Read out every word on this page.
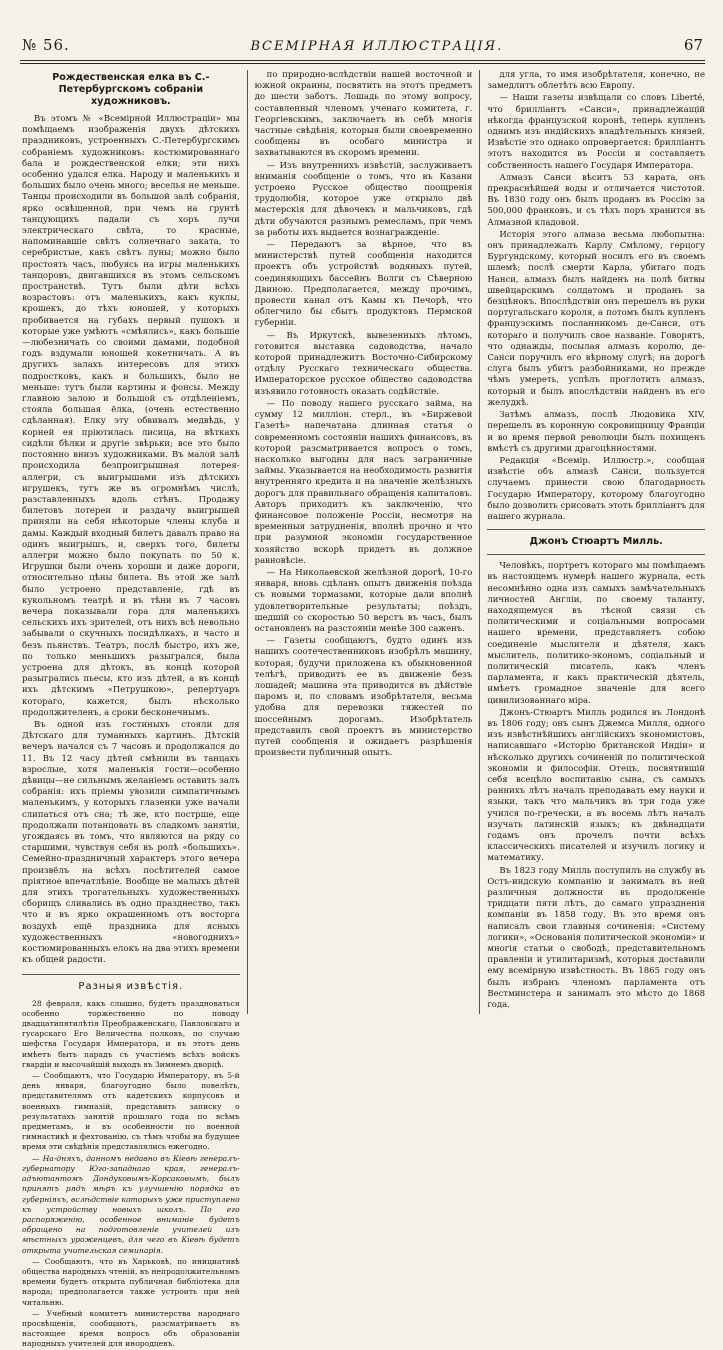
№ 56.	ВСЕМІРНАЯ ИЛЛЮСТРАЦІЯ.	67
Рождественская елка въ С.-Петербургскомъ собраніи художниковъ.

Въ этомъ № «Всемірной Иллюстраціи» мы помѣщаемъ изображенія двухъ дѣтскихъ праздниковъ, устроенныхъ С.-Петербургскимъ собраніемъ художниковъ: костюмированнаго бала и рождественской елки; эти нихъ особенно удался елка. Народу и маленькихъ и больших было очень много; веселья не меньше. Танцы происходили въ большой залѣ собранія, ярко освѣщенной, при чемъ на грунтѣ танцующихъ падали съ хоръ лучи электрическаго свѣта, то красные, напоминавшіе свѣтъ солнечнаго заката, то серебристые, какъ свѣтъ луны; можно было простоять часъ, любуясь на игры маленькихъ танцоровъ, двигавшихся въ этомъ сельскомъ пространствѣ. Тутъ были дѣти всѣхъ возрастовъ: отъ маленькихъ, какъ куклы, крошекъ, до тѣхъ юношей, у которыхъ пробивается на губахъ первый пушокъ и которые уже умѣютъ «смѣялись», какъ большіе—любезничать со своими дамами, подобной годъ вздумали юношей кокетничать. А въ другихъ залахъ интересовъ для этихъ подростковъ, какъ и большихъ, было не меньше: тутъ были картины и фонсы. Между главною залою и большой съ отдѣленіемъ, стояла большая ёлка, (очень естественно сдѣланная). Елку эту обвивалъ медвѣдь, у корней ея пріютилась лисица, на вѣткахъ сидѣли бѣлки и другіе звѣрьки; все это было постоянно внизъ художниками. Въ малой залѣ происходила безпроигрышная лотерея-аллегри, съ выигрышами изъ дѣтскихъ игрушекъ, тутъ же въ огромнѣмъ числѣ, разставленныхъ вдоль стѣнъ. Продажу билетовъ лотереи и раздачу выигрышей приняли на себя нѣкоторые члены клуба и дамы. Каждый входный билетъ давалъ право на одинъ выигрышъ, и, сверхъ того, билеты аллегри можно было покупать по 50 к. Игрушки были очень хороши и даже дороги, относительно цѣны билета. Въ этой же залѣ было устроено представленіе, гдѣ въ кукольномъ театрѣ и въ тѣни въ 7 часовъ вечера показывали гора для маленькихъ сельскихъ ихъ зрителей, отъ нихъ всѣ невольно забывали о скучныхъ посидѣлкахъ, и часто и безъ пьянствъ. Театръ, послѣ быстро, ихъ же, по только меньшихъ разыгрался, была устроена для дѣтокъ, въ концѣ которой разыгрались пьесы, кто изъ дѣтей, а въ концѣ ихъ дѣтскимъ «Петрушкою», репертуаръ котораго, кажется, былъ нѣсколько продолжителенъ, а сроки бесконечнымъ.

Въ одной изъ гостиныхъ стояли для Дѣтскаго для туманныхъ картинъ. Дѣтскій вечеръ начался съ 7 часовъ и продолжался до 11. Въ 12 часу дѣтей смѣнили въ танцахъ взрослые, хотя маленькія гости—особенно дѣвицы—не сильнымъ желаніемъ оставить залъ собранія: ихъ пріемы увозили симпатичнымъ маленькимъ, у которыхъ глазенки уже начали слипаться отъ сна; тѣ же, кто пострше, еще продолжали потанцовать въ сладкомъ занятіи, угождаясь въ томъ, что являются на ряду со старшими, чувствуя себя въ ролѣ «большихъ». Семейно-праздничный характеръ этого вечера произвёлъ на всѣхъ посѣтителей самое пріятное впечатлѣніе. Вообще не малыхъ дѣтей для этихъ трогательныхъ художественныхъ сборищъ сливались въ одно празднество, такъ что и въ ярко окрашенномъ отъ восторга воздухѣ ещё праздника для ясныхъ художественныхъ «новогоднихъ» костюмированныхъ елокъ на два этихъ времени къ общей радости.

Разныя извѣстія.

28 февраля, какъ слышно, будетъ праздноваться особенно торжественно по поводу двадцатипятилѣтія Преображенскаго, Павловскаго и гусарскаго Его Величества полковъ, по случаю шефства Государя Императора, и въ этотъ день имѣетъ быть парадъ съ участіемъ всѣхъ войскъ гвардіи и высочайшій выходъ въ Зимнемъ дворцѣ.

— Сообщаютъ, что Государю Императору, въ 5-й день января, благоугодно было повелѣть, представителямъ отъ кадетскихъ корпусовъ и военныхъ гимназій, представить записку о результатахъ занятій прошлаго года по всѣмъ предметамъ, и въ особенности по военной гимнастикѣ и фехтованію, съ тѣмъ чтобы на будущее время эти свѣдѣнія представлялись ежегодно.

— На-дняхъ, данномъ недавно въ Кіевѣ генералъ-губернатору Юго-западнаго края, генералъ-адъютантомъ Дондуковымъ-Корсаковымъ, былъ принятъ рядъ мѣръ къ улучшенію порядка въ губерніяхъ, вслѣдствіе которыхъ уже приступлено къ устройству новыхъ школъ. По его распоряженію, особенное вниманіе будетъ обращено на подготовленіе учителей изъ мѣстныхъ уроженцевъ, для чего въ Кіевѣ будетъ открыта учительская семинарія.

— Сообщаютъ, что въ Харьковѣ, по инициативѣ общества народныхъ чтеній, въ непродолжительномъ времени будетъ открыта публичная библіотека для народа; предполагается также устроить при ней читальню.

— Учебный комитетъ министерства народнаго просвѣщенія, сообщаютъ, разсматриваетъ въ настоящее время вопросъ объ образованіи народныхъ учителей для инородцевъ.

по природно-вслѣдствіи нашей восточной и южной окраины, посвятить на этотъ предметъ до шести заботъ. Лошадь по этому вопросу, составленный членомъ ученаго комитета, г. Георгіевскимъ, заключаетъ въ себѣ многія частные свѣдѣнія, которыя были своевременно сообщены въ особаго министра и захватываются въ скоромъ времени.

— Изъ внутреннихъ извѣстій, заслуживаетъ вниманія сообщеніе о томъ, что въ Казани устроено Русское общество поощренія трудолюбія, которое уже открыло двѣ мастерскія для дѣвочекъ и мальчиковъ, гдѣ дѣти обучаются разнымъ ремесламъ, при чемъ за работы ихъ выдается вознагражденіе.

— Передаютъ за вѣрное, что въ министерствѣ путей сообщенія находится проектъ объ устройствѣ водяныхъ путей, соединяющихъ бассейнъ Волги съ Сѣверною Двиною. Предполагается, между прочимъ, провести канал отъ Камы къ Печорѣ, что облегчило бы сбытъ продуктовъ Пермской губерніи.

— Въ Иркутскѣ, вывезенныхъ лѣтомъ, готовится выставка садоводства, начало которой принадлежитъ Восточно-Сибирскому отдѣлу Русскаго техническаго общества. Императорское русское общество садоводства изъявило готовность оказать содѣйствіе.

— По поводу нашего русскаго займа, на сумму 12 милліон. стерл., въ «Биржевой Газетѣ» напечатана длинная статья о современномъ состояніи нашихъ финансовъ, въ которой разсматривается вопросъ о томъ, насколько выгодны для насъ заграничные займы. Указывается на необходимость развитія внутренняго кредита и на значеніе желѣзныхъ дорогъ для правильнаго обращенія капиталовъ. Авторъ приходитъ къ заключенію, что финансовое положеніе Россіи, несмотря на временныя затрудненія, вполнѣ прочно и что при разумной экономіи государственное хозяйство вскорѣ придетъ въ должное равновѣсіе.

— На Николаевской желѣзной дорогѣ, 10-го января, вновь сдѣланъ опытъ движенія поѣзда съ новыми тормазами, которые дали вполнѣ удовлетворительные результаты; поѣздъ, шедшій со скоростью 50 верстъ въ часъ, былъ остановленъ на разстояніи менѣе 300 саженъ.

— Газеты сообщаютъ, будто одинъ изъ нашихъ соотечественниковъ изобрѣлъ машину, которая, будучи приложена къ обыкновенной телѣгѣ, приводитъ ее въ движеніе безъ лошадей; машина эта приводится въ дѣйствіе паромъ и, по словамъ изобрѣтателя, весьма удобна для перевозки тяжестей по шоссейнымъ дорогамъ. Изобрѣтатель представилъ свой проектъ въ министерство путей сообщенія и ожидаетъ разрѣшенія произвести публичный опытъ.

для угла, то имя изобрѣтателя, конечно, не замедлитъ облетѣть всю Европу.

— Наши газеты извѣщали со словъ Liberté, что брилліантъ «Санси», принадлежащій нѣкогда французской коронѣ, теперь купленъ однимъ изъ индійскихъ владѣтельныхъ князей. Извѣстіе это однако опровергается: брилліантъ этотъ находится въ Россіи и составляетъ собственность нашего Государя Императора.

Алмазъ Санси вѣситъ 53 карата, онъ прекраснѣйшей воды и отличается чистотой. Въ 1830 году онъ былъ проданъ въ Россію за 500,000 франковъ, и съ тѣхъ поръ хранится въ Алмазной кладовой.

Исторія этого алмаза весьма любопытна: онъ принадлежалъ Карлу Смѣлому, герцогу Бургундскому, который носилъ его въ своемъ шлемѣ; послѣ смерти Карла, убитаго подъ Нанси, алмазъ былъ найденъ на полѣ битвы швейцарскимъ солдатомъ и проданъ за безцѣнокъ. Впослѣдствіи онъ перешелъ въ руки португальскаго короля, а потомъ былъ купленъ французскимъ посланникомъ де-Санси, отъ котораго и получилъ свое названіе. Говорятъ, что однажды, посылая алмазъ королю, де-Санси поручилъ его вѣрному слугѣ; на дорогѣ слуга былъ убитъ разбойниками, но прежде чѣмъ умереть, успѣлъ проглотить алмазъ, который и былъ впослѣдствіи найденъ въ его желудкѣ.

Затѣмъ алмазъ, послѣ Людовика XIV, перешелъ въ коронную сокровищницу Франціи и во время первой революціи былъ похищенъ вмѣстѣ съ другими драгоцѣнностями.

Редакція «Всемір. Иллюстр.», сообщая извѣстіе объ алмазѣ Санси, пользуется случаемъ принести свою благодарность Государю Императору, которому благоугодно было дозволить срисовать этотъ брилліантъ для нашего журнала.

Джонъ Стюартъ Милль.

Человѣкъ, портретъ котораго мы помѣщаемъ въ настоящемъ нумерѣ нашего журнала, есть несомнѣнно одна изъ самыхъ замѣчательныхъ личностей Англіи, по своему таланту, находящемуся въ тѣсной связи съ политическими и соціальными вопросами нашего времени, представляетъ собою соединеніе мыслителя и дѣятеля, какъ мыслитель, политико-экономъ, соціальный и политическій писатель, какъ членъ парламента, и какъ практическій дѣятель, имѣетъ громадное значеніе для всего цивилизованнаго міра.

Джонъ-Стюартъ Милль родился въ Лондонѣ въ 1806 году; онъ сынъ Джемса Милля, одного изъ извѣстнѣйшихъ англійскихъ экономистовъ, написавшаго «Исторію британской Индіи» и нѣсколько другихъ сочиненій по политической экономіи и философіи. Отецъ, посвятившій себя всецѣло воспитанію сына, съ самыхъ раннихъ лѣтъ началъ преподавать ему науки и языки, такъ что мальчикъ въ три года уже учился по-гречески, а въ восемь лѣтъ началъ изучать латинскій языкъ; къ двѣнадцати годамъ онъ прочелъ почти всѣхъ классическихъ писателей и изучилъ логику и математику.

Въ 1823 году Милль поступилъ на службу въ Остъ-индскую компанію и занималъ въ ней различныя должности въ продолженіе тридцати пяти лѣтъ, до самаго упраздненія компаніи въ 1858 году. Въ это время онъ написалъ свои главныя сочиненія: «Систему логики», «Основанія политической экономіи» и многія статьи о свободѣ, представительномъ правленіи и утилитаризмѣ, которыя доставили ему всемірную извѣстность. Въ 1865 году онъ былъ избранъ членомъ парламента отъ Вестминстера и занималъ это мѣсто до 1868 года.
